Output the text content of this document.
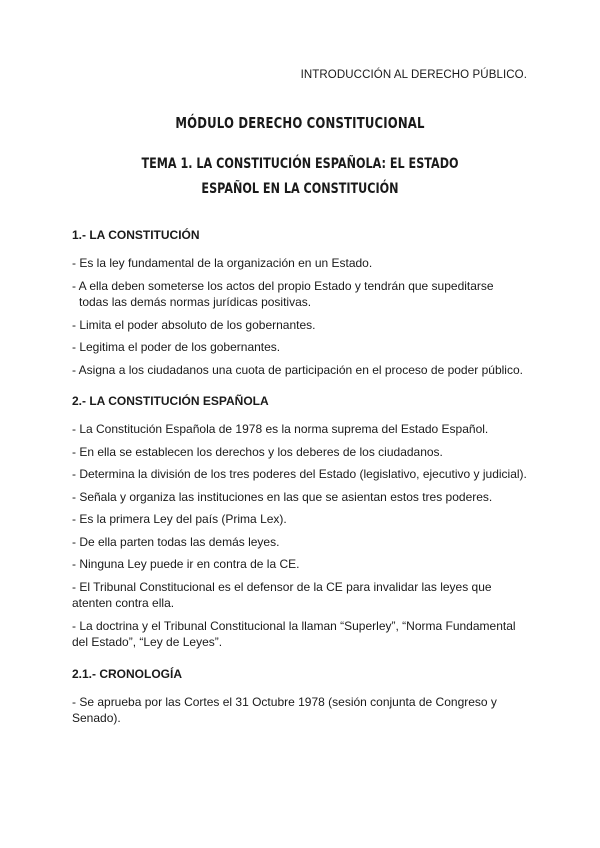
INTRODUCCIÓN AL DERECHO PÚBLICO.
MÓDULO DERECHO CONSTITUCIONAL
TEMA 1. LA CONSTITUCIÓN ESPAÑOLA: EL ESTADO ESPAÑOL EN LA CONSTITUCIÓN
1.- LA CONSTITUCIÓN

- Es la ley fundamental de la organización en un Estado.

- A ella deben someterse los actos del propio Estado y tendrán que supeditarse
todas las demás normas jurídicas positivas.

- Limita el poder absoluto de los gobernantes.

- Legitima el poder de los gobernantes.

- Asigna a los ciudadanos una cuota de participación en el proceso de poder público.

2.- LA CONSTITUCIÓN ESPAÑOLA

- La Constitución Española de 1978 es la norma suprema del Estado Español.

- En ella se establecen los derechos y los deberes de los ciudadanos.

- Determina la división de los tres poderes del Estado (legislativo, ejecutivo y judicial).

- Señala y organiza las instituciones en las que se asientan estos tres poderes.

- Es la primera Ley del país (Prima Lex).

- De ella parten todas las demás leyes.

- Ninguna Ley puede ir en contra de la CE.

- El Tribunal Constitucional es el defensor de la CE para invalidar las leyes que atenten contra ella.

- La doctrina y el Tribunal Constitucional la llaman “Superley”, “Norma Fundamental del Estado”, “Ley de Leyes”.

2.1.- CRONOLOGÍA

- Se aprueba por las Cortes el 31 Octubre 1978 (sesión conjunta de Congreso y Senado).
